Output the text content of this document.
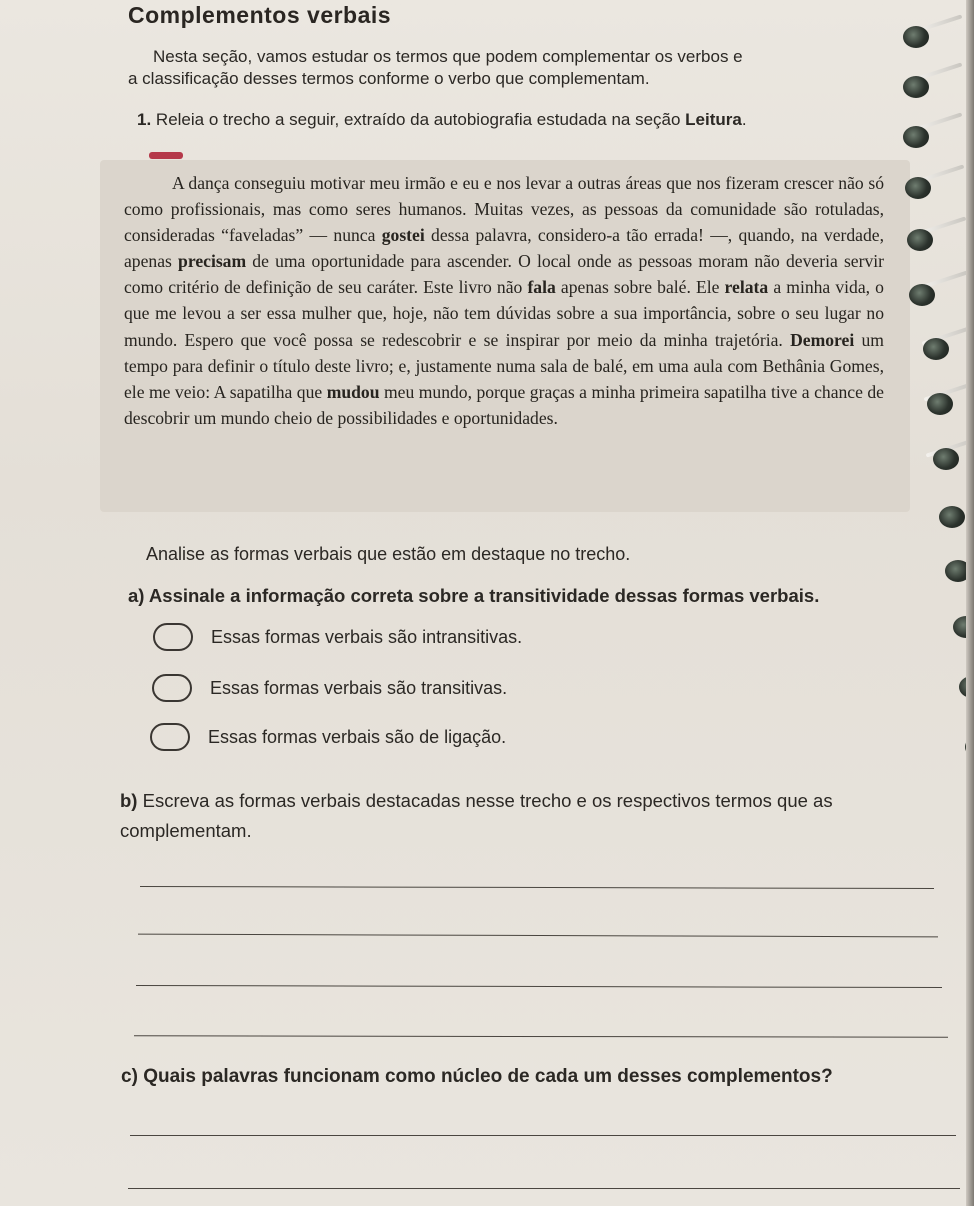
Complementos verbais

Nesta seção, vamos estudar os termos que podem complementar os verbos e

a classificação desses termos conforme o verbo que complementam.

1. Releia o trecho a seguir, extraído da autobiografia estudada na seção Leitura.

A dança conseguiu motivar meu irmão e eu e nos levar a outras áreas que nos fizeram crescer não só como profissionais, mas como seres humanos. Muitas vezes, as pessoas da comunidade são rotuladas, consideradas “faveladas” — nunca gostei dessa palavra, considero-a tão errada! —, quando, na verdade, apenas precisam de uma oportunidade para ascender. O local onde as pessoas moram não deveria servir como critério de definição de seu caráter. Este livro não fala apenas sobre balé. Ele relata a minha vida, o que me levou a ser essa mulher que, hoje, não tem dúvidas sobre a sua importância, sobre o seu lugar no mundo. Espero que você possa se redescobrir e se inspirar por meio da minha trajetória. Demorei um tempo para definir o título deste livro; e, justamente numa sala de balé, em uma aula com Bethânia Gomes, ele me veio: A sapatilha que mudou meu mundo, porque graças a minha primeira sapatilha tive a chance de descobrir um mundo cheio de possibilidades e oportunidades.

Analise as formas verbais que estão em destaque no trecho.
a) Assinale a informação correta sobre a transitividade dessas formas verbais.
Essas formas verbais são intransitivas.
Essas formas verbais são transitivas.
Essas formas verbais são de ligação.
b) Escreva as formas verbais destacadas nesse trecho e os respectivos termos que as complementam.
c) Quais palavras funcionam como núcleo de cada um desses complementos?
